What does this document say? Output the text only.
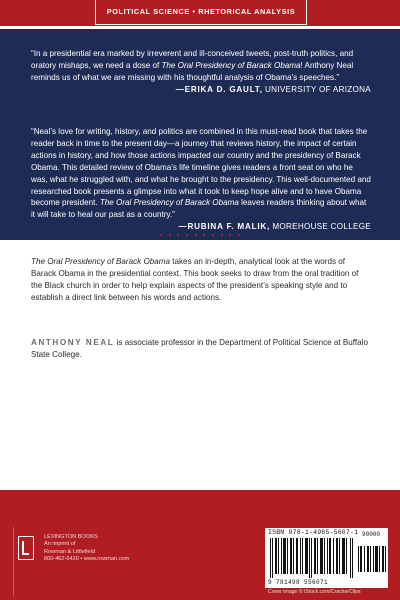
POLITICAL SCIENCE • RHETORICAL ANALYSIS
“In a presidential era marked by irreverent and ill-conceived tweets, post-truth politics, and oratory mishaps, we need a dose of The Oral Presidency of Barack Obama! Anthony Neal reminds us of what we are missing with his thoughtful analysis of Obama’s speeches.”
—ERIKA D. GAULT, UNIVERSITY OF ARIZONA
“Neal’s love for writing, history, and politics are combined in this must-read book that takes the reader back in time to the present day—a journey that reviews history, the impact of certain actions in history, and how those actions impacted our country and the presidency of Barack Obama. This detailed review of Obama’s life timeline gives readers a front seat on who he was, what he struggled with, and what he brought to the presidency. This well-documented and researched book presents a glimpse into what it took to keep hope alive and to have Obama become president. The Oral Presidency of Barack Obama leaves readers thinking about what it will take to heal our past as a country.”
—RUBINA F. MALIK, MOREHOUSE COLLEGE
The Oral Presidency of Barack Obama takes an in-depth, analytical look at the words of Barack Obama in the presidential context. This book seeks to draw from the oral tradition of the Black church in order to help explain aspects of the president’s speaking style and to establish a direct link between his words and actions.
ANTHONY NEAL is associate professor in the Department of Political Science at Buffalo State College.
LEXINGTON BOOKS
An imprint of
Rowman & Littlefield
800-462-6420 • www.rowman.com
ISBN 978-1-4985-5607-1 90000
9 781498 556071
Cover image © iStock.com/CrackerClips
